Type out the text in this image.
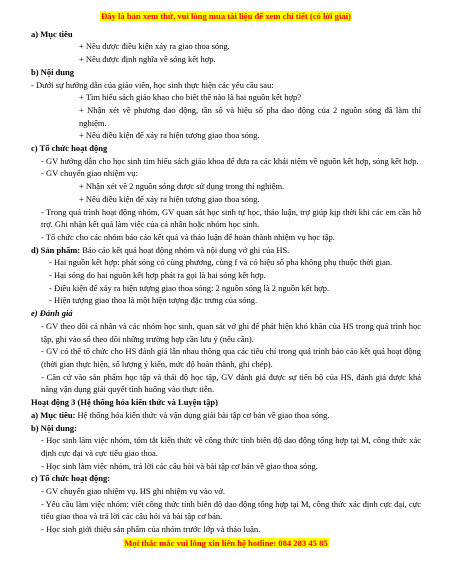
Đây là bản xem thử, vui lòng mua tài liệu để xem chi tiết (có lời giải)
a) Mục tiêu
+ Nêu được điều kiện xảy ra giao thoa sóng.
+ Nêu được định nghĩa về sóng kết hợp.
b) Nội dung
- Dưới sự hướng dẫn của giáo viên, học sinh thực hiện các yêu cầu sau:
+ Tìm hiểu sách giáo khao cho biết thế nào là hai nguồn kết hợp?
+ Nhận xét về phương dao động, tần số và hiệu số pha dao động của 2 nguồn sóng đã làm thí nghiệm.
+ Nêu điều kiện để xảy ra hiện tượng giao thoa sóng.
c) Tổ chức hoạt động
- GV hướng dẫn cho học sinh tìm hiểu sách giáo khoa để đưa ra các khái niệm về nguồn kết hợp, sóng kết hợp.
- GV chuyển giao nhiệm vụ:
+ Nhận xét về 2 nguồn sóng được sử dụng trong thí nghiệm.
+ Nêu điều kiện để xảy ra hiện tượng giao thoa sóng.
- Trong quá trình hoạt động nhóm, GV quan sát học sinh tự học, thảo luận, trợ giúp kịp thời khi các em cần hỗ trợ. Ghi nhận kết quả làm việc của cá nhân hoặc nhóm học sinh.
- Tổ chức cho các nhóm báo cáo kết quả và thảo luận để hoàn thành nhiệm vụ học tập.
d) Sản phẩm: Báo cáo kết quả hoạt động nhóm và nội dung vở ghi của HS.
- Hai nguồn kết hợp: phát sóng có cùng phương, cùng f và có hiệu số pha không phụ thuộc thời gian.
- Hai sóng do hai nguồn kết hợp phát ra gọi là hai sóng kết hợp.
- Điều kiện để xảy ra hiện tượng giao thoa sóng: 2 nguồn sóng là 2 nguồn kết hợp.
- Hiện tượng giao thoa là một hiện tượng đặc trưng của sóng.
e) Đánh giá
- GV theo dõi cá nhân và các nhóm học sinh, quan sát vở ghi để phát hiện khó khăn của HS trong quá trình học tập, ghi vào sổ theo dõi những trường hợp cần lưu ý (nếu cần).
- GV có thể tổ chức cho HS đánh giá lẫn nhau thông qua các tiêu chí trong quá trình báo cáo kết quả hoạt động (thời gian thực hiện, số lượng ý kiến, mức độ hoàn thành, ghi chép).
- Căn cứ vào sản phẩm học tập và thái độ học tập, GV đánh giá được sự tiến bộ của HS, đánh giá được khả năng vận dụng giải quyết tình huống vào thực tiễn.
Hoạt động 3 (Hệ thống hóa kiến thức và Luyện tập)
a) Mục tiêu: Hệ thống hóa kiến thức và vận dụng giải bài tập cơ bản về giao thoa sóng.
b) Nội dung:
- Học sinh làm việc nhóm, tóm tắt kiến thức về công thức tính biên độ dao động tổng hợp tại M, công thức xác định cực đại và cực tiểu giao thoa.
- Học sinh làm việc nhóm, trả lời các câu hỏi và bài tập cơ bản về giao thoa sóng.
c) Tổ chức hoạt động:
- GV chuyển giao nhiệm vụ. HS ghi nhiệm vụ vào vở.
- Yêu cầu làm việc nhóm: viết công thức tính biên độ dao động tổng hợp tại M, công thức xác định cực đại, cực tiểu giao thoa và trả lời các câu hỏi và bài tập cơ bản.
- Học sinh giới thiệu sản phẩm của nhóm trước lớp và thảo luận.
Mọi thắc mắc vui lòng xin liên hệ hotline: 084 283 45 85
